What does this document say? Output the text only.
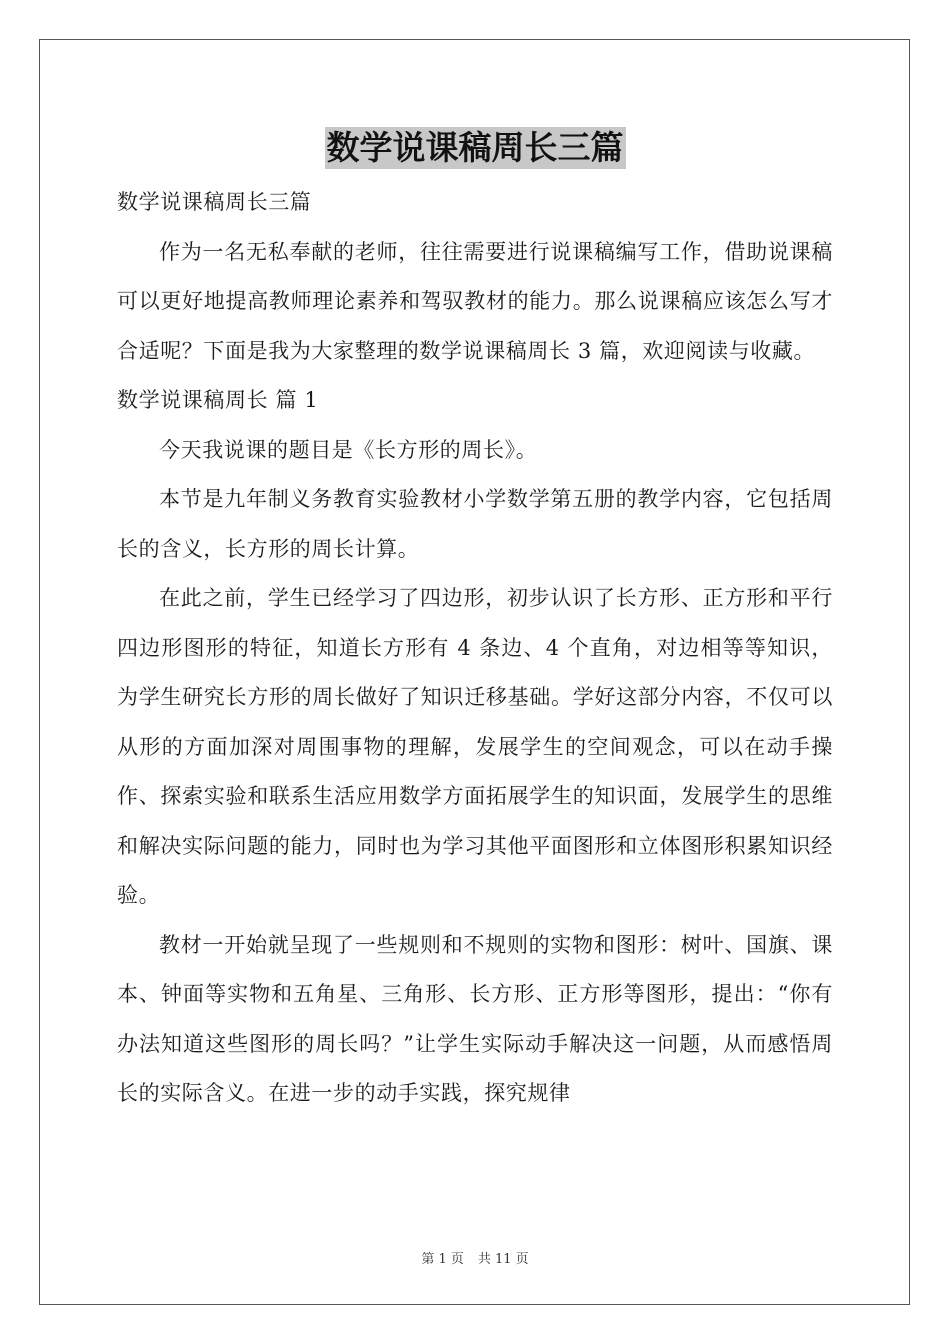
数学说课稿周长三篇

数学说课稿周长三篇

作为一名无私奉献的老师，往往需要进行说课稿编写工作，借助说课稿可以更好地提高教师理论素养和驾驭教材的能力。那么说课稿应该怎么写才合适呢？下面是我为大家整理的数学说课稿周长 3 篇，欢迎阅读与收藏。

数学说课稿周长 篇 1

今天我说课的题目是《长方形的周长》。

本节是九年制义务教育实验教材小学数学第五册的教学内容，它包括周长的含义，长方形的周长计算。

在此之前，学生已经学习了四边形，初步认识了长方形、正方形和平行四边形图形的特征，知道长方形有 4 条边、4 个直角，对边相等等知识，为学生研究长方形的周长做好了知识迁移基础。学好这部分内容，不仅可以从形的方面加深对周围事物的理解，发展学生的空间观念，可以在动手操作、探索实验和联系生活应用数学方面拓展学生的知识面，发展学生的思维和解决实际问题的能力，同时也为学习其他平面图形和立体图形积累知识经验。

教材一开始就呈现了一些规则和不规则的实物和图形：树叶、国旗、课本、钟面等实物和五角星、三角形、长方形、正方形等图形，提出：“你有办法知道这些图形的周长吗？”让学生实际动手解决这一问题，从而感悟周长的实际含义。在进一步的动手实践，探究规律

第 1 页 共 11 页
